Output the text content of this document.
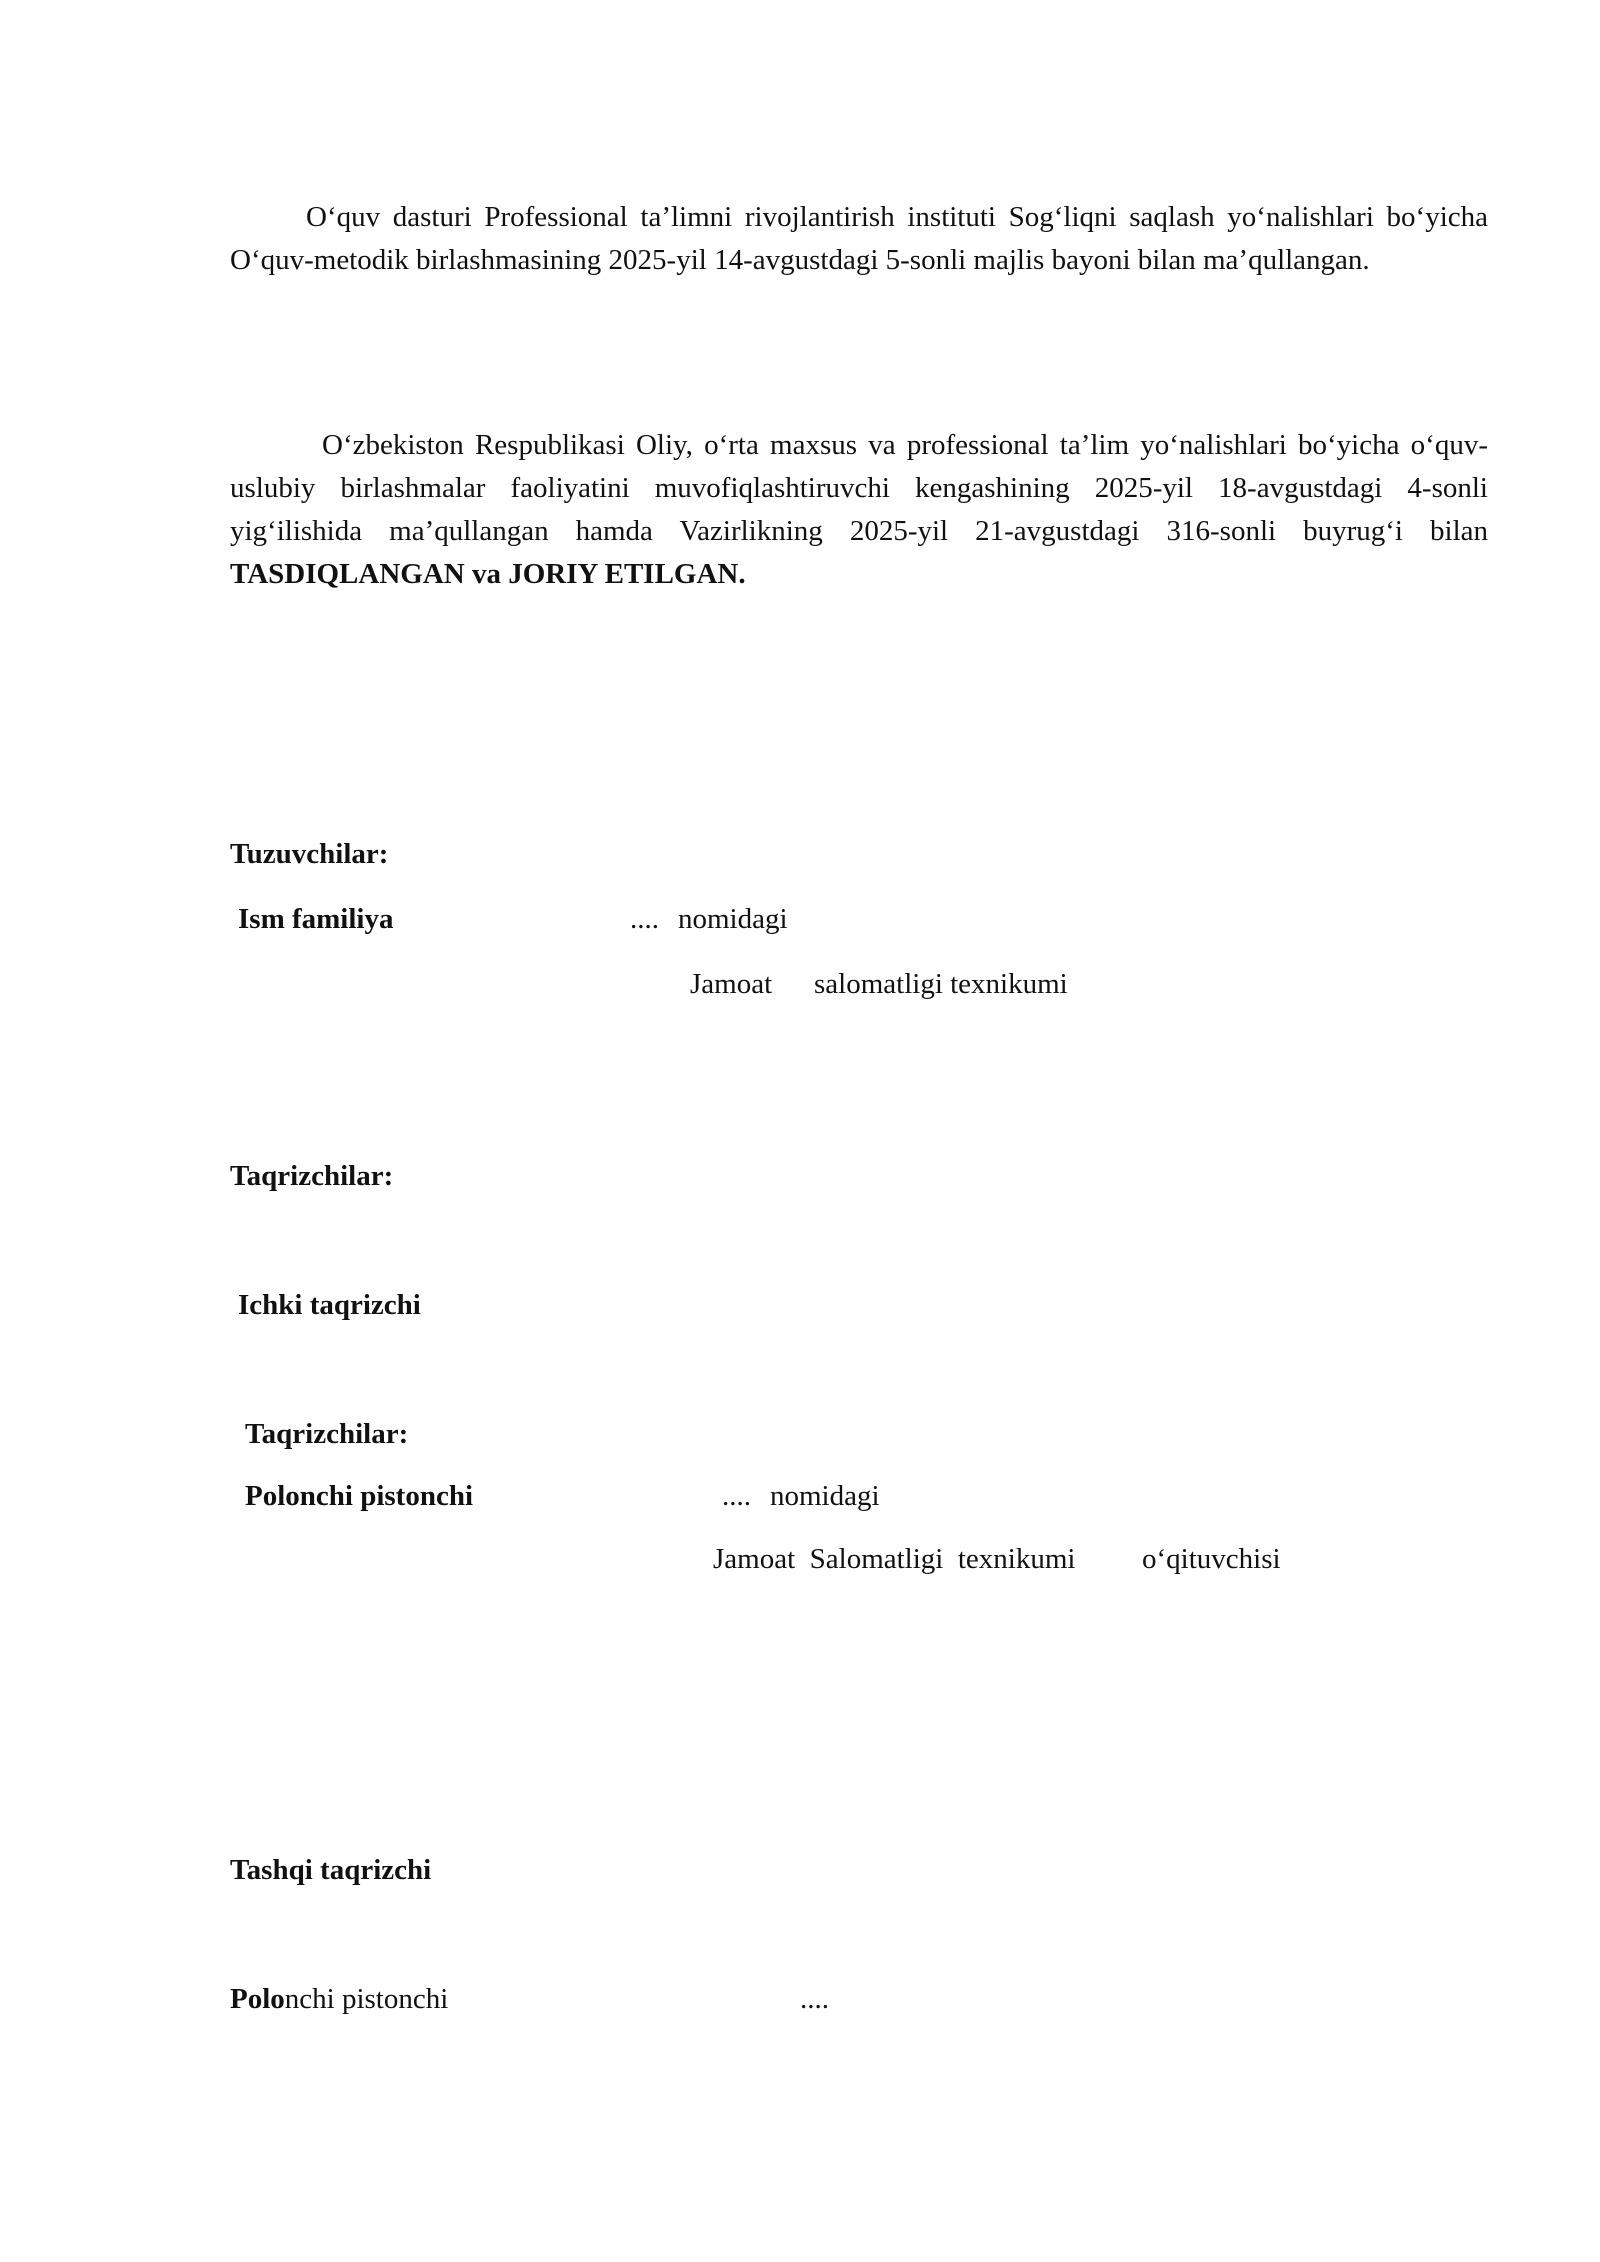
O‘quv dasturi Professional ta’limni rivojlantirish instituti Sog‘liqni saqlash yo‘nalishlari bo‘yicha O‘quv-metodik birlashmasining 2025-yil 14-avgustdagi 5-sonli majlis bayoni bilan ma’qullangan.

O‘zbekiston Respublikasi Oliy, o‘rta maxsus va professional ta’lim yo‘nalishlari bo‘yicha o‘quv-uslubiy birlashmalar faoliyatini muvofiqlashtiruvchi kengashining 2025-yil 18-avgustdagi 4-sonli yig‘ilishida ma’qullangan hamda Vazirlikning 2025-yil 21-avgustdagi 316-sonli buyrug‘i bilan TASDIQLANGAN va JORIY ETILGAN.

Tuzuvchilar:
Ism familiya	.... nomidagi
Jamoat salomatligi texnikumi
Taqrizchilar:
Ichki taqrizchi
Taqrizchilar:
Polonchi pistonchi	.... nomidagi
Jamoat  Salomatligi  texnikumi o‘qituvchisi
Tashqi taqrizchi
Polonchi pistonchi	....
